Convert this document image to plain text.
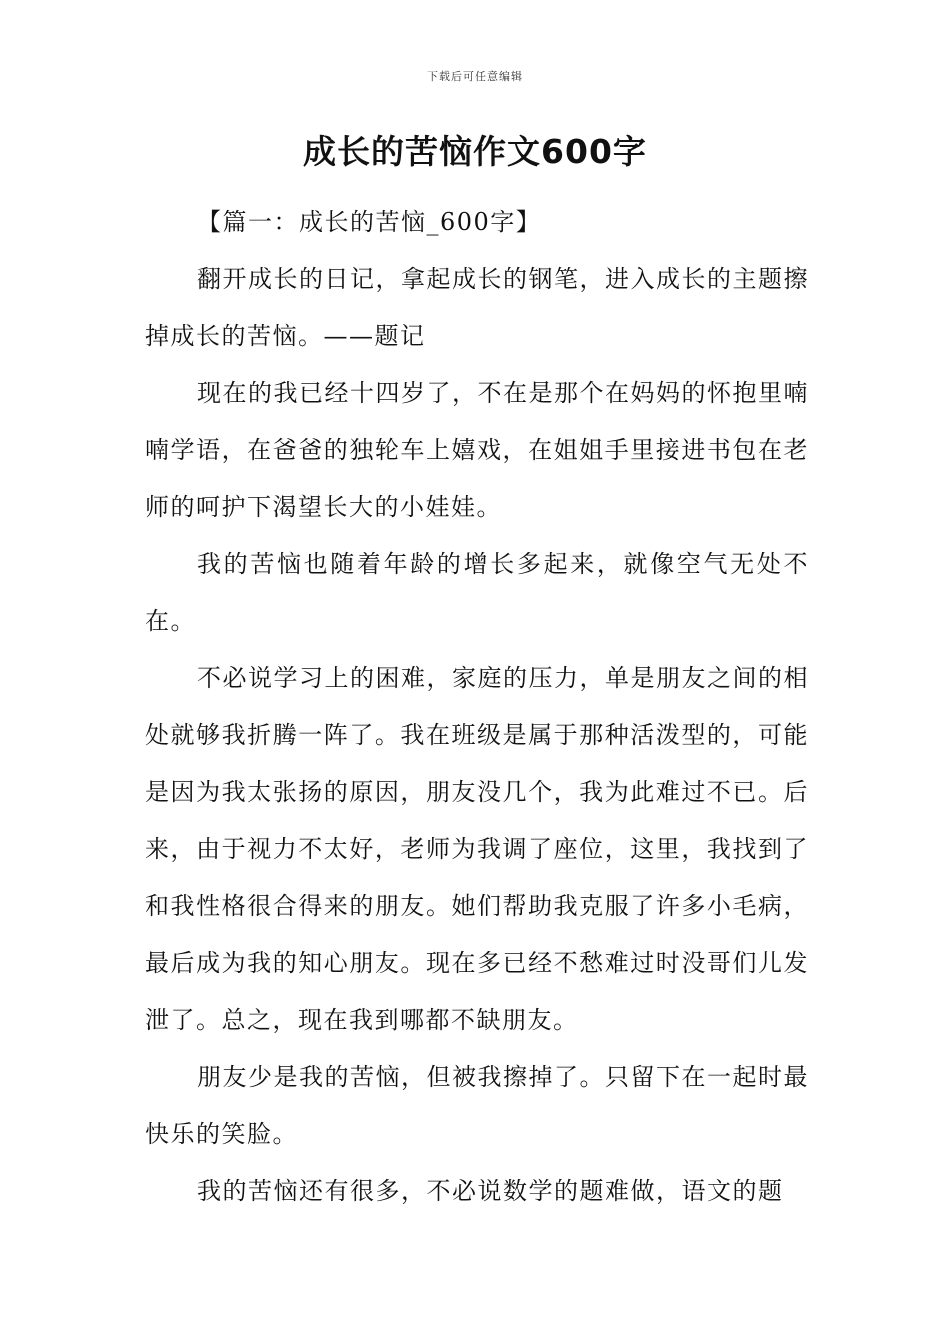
下载后可任意编辑
成长的苦恼作文600字

【篇一：成长的苦恼_600字】

翻开成长的日记，拿起成长的钢笔，进入成长的主题擦掉成长的苦恼。——题记

现在的我已经十四岁了，不在是那个在妈妈的怀抱里喃喃学语，在爸爸的独轮车上嬉戏，在姐姐手里接进书包在老师的呵护下渴望长大的小娃娃。

我的苦恼也随着年龄的增长多起来，就像空气无处不在。

不必说学习上的困难，家庭的压力，单是朋友之间的相处就够我折腾一阵了。我在班级是属于那种活泼型的，可能是因为我太张扬的原因，朋友没几个，我为此难过不已。后来，由于视力不太好，老师为我调了座位，这里，我找到了和我性格很合得来的朋友。她们帮助我克服了许多小毛病，最后成为我的知心朋友。现在多已经不愁难过时没哥们儿发泄了。总之，现在我到哪都不缺朋友。

朋友少是我的苦恼，但被我擦掉了。只留下在一起时最快乐的笑脸。

我的苦恼还有很多，不必说数学的题难做，语文的题
